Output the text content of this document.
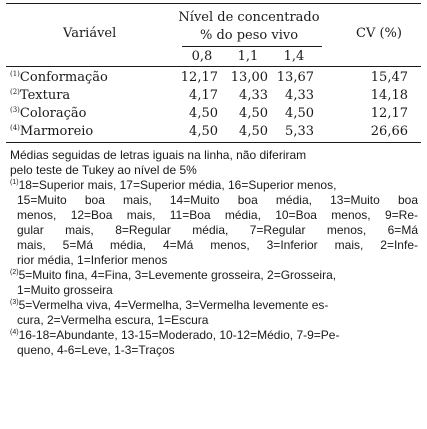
Variável
Nível de concentrado
% do peso vivo	CV (%)
0,8	1,1	1,4
$^{(1)}$Conformação	12,17 13,00 13,67	15,47
$^{(2)}$Textura	4,17	4,33	4,33	14,18
$^{(3)}$Coloração	4,50	4,50	4,50	12,17
$^{(4)}$Marmoreio	4,50	4,50	5,33	26,66
Médias seguidas de letras iguais na linha, não diferiram
pelo teste de Tukey ao nível de 5%
$^{(1)}$18=Superior mais, 17=Superior média, 16=Superior menos,
15=Muito boa mais, 14=Muito boa média, 13=Muito boa
menos, 12=Boa mais, 11=Boa média, 10=Boa menos, 9=Re-
gular mais, 8=Regular média, 7=Regular menos, 6=Má
mais, 5=Má média, 4=Má menos, 3=Inferior mais, 2=Infe-
rior média, 1=Inferior menos
$^{(2)}$5=Muito fina, 4=Fina, 3=Levemente grosseira, 2=Grosseira,
1=Muito grosseira
$^{(3)}$5=Vermelha viva, 4=Vermelha, 3=Vermelha levemente es-
cura, 2=Vermelha escura, 1=Escura
$^{(4)}$16-18=Abundante, 13-15=Moderado, 10-12=Médio, 7-9=Pe-
queno, 4-6=Leve, 1-3=Traços
